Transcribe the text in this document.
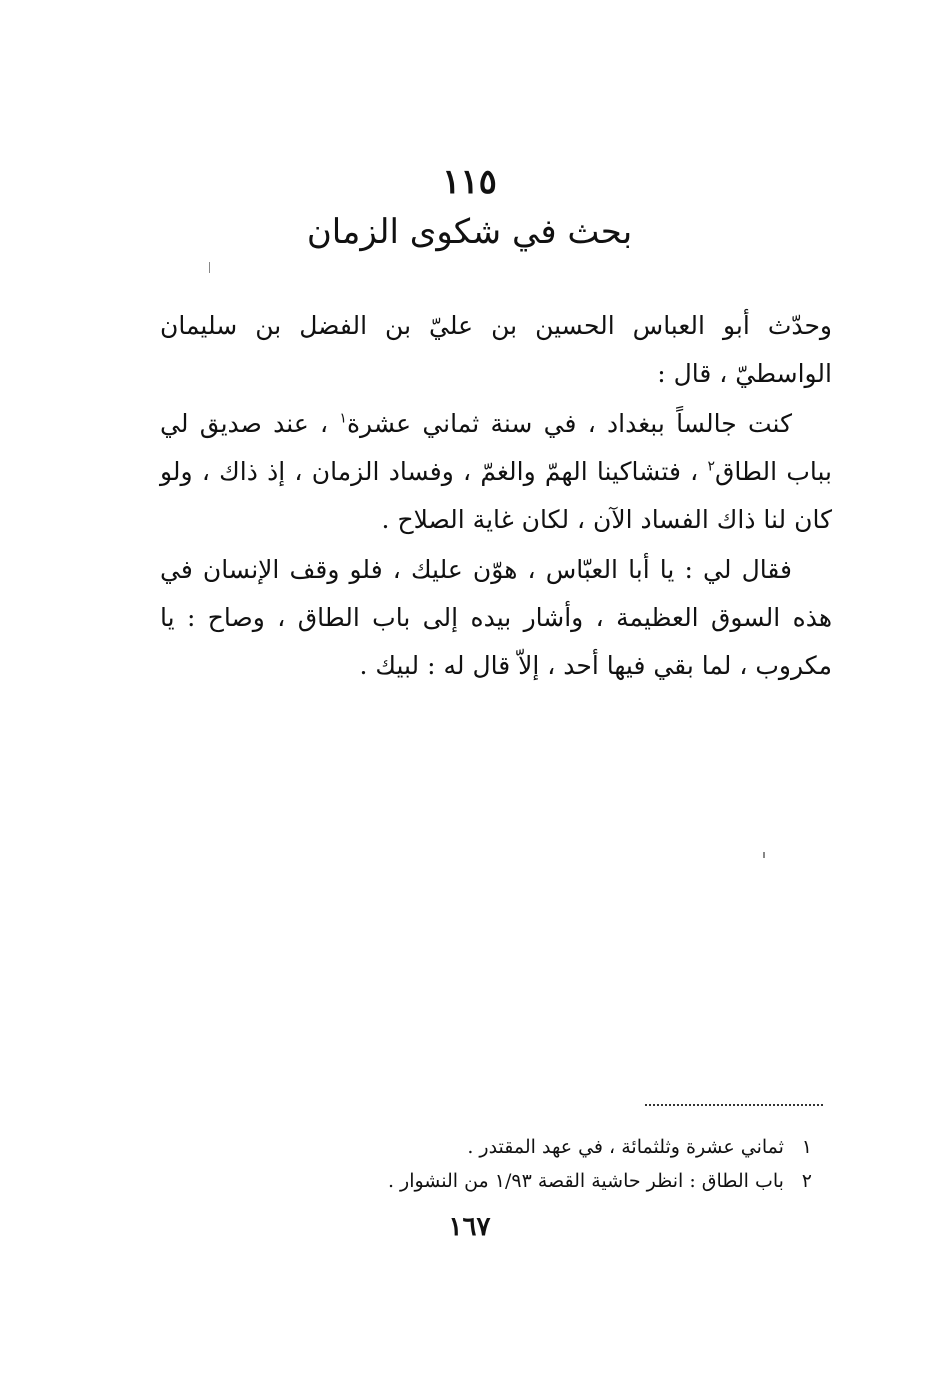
١١٥
بحث في شكوى الزمان

وحدّث أبو العباس الحسين بن عليّ بن الفضل بن سليمان الواسطيّ ، قال :

كنت جالساً ببغداد ، في سنة ثماني عشرة$^١$ ، عند صديق لي بباب الطاق$^٢$ ، فتشاكينا الهمّ والغمّ ، وفساد الزمان ، إذ ذاك ، ولو كان لنا ذاك الفساد الآن ، لكان غاية الصلاح .

فقال لي : يا أبا العبّاس ، هوّن عليك ، فلو وقف الإنسان في هذه السوق العظيمة ، وأشار بيده إلى باب الطاق ، وصاح : يا مكروب ، لما بقي فيها أحد ، إلاّ قال له : لبيك .

١ ثماني عشرة وثلثمائة ، في عهد المقتدر .
٢ باب الطاق : انظر حاشية القصة ١/٩٣ من النشوار .
١٦٧
